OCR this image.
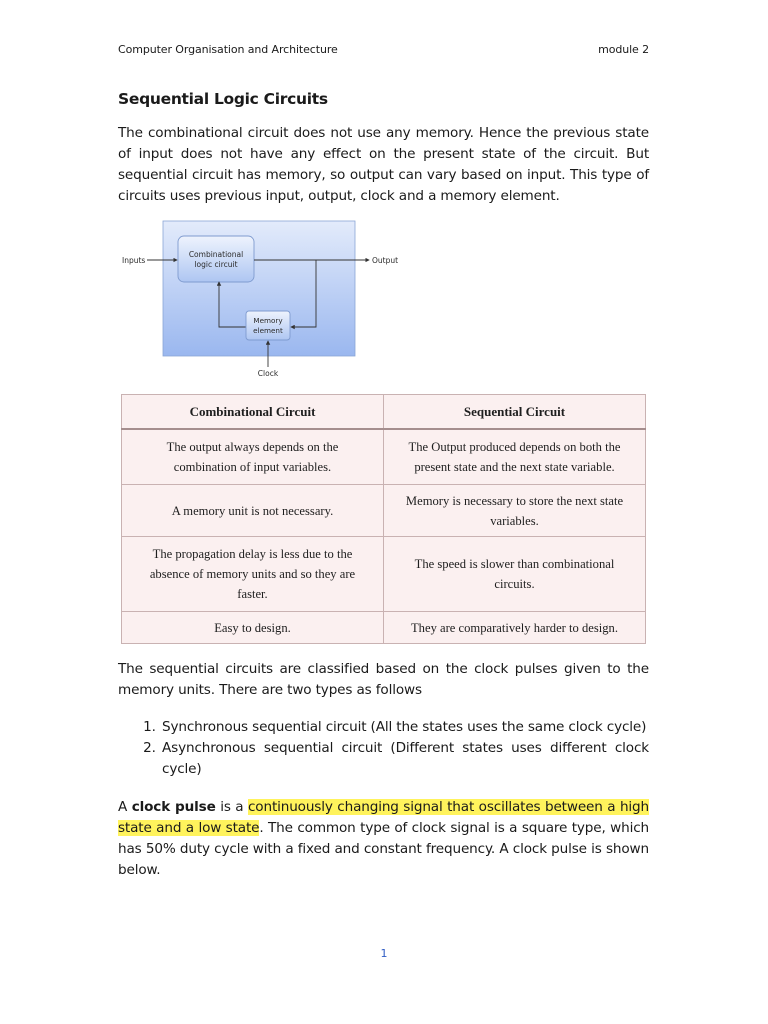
Computer Organisation and Architecture	module 2
Sequential Logic Circuits

The combinational circuit does not use any memory. Hence the previous state of input does not have any effect on the present state of the circuit. But sequential circuit has memory, so output can vary based on input. This type of circuits uses previous input, output, clock and a memory element.

Inputs
Combinational
logic circuit	Output
Memory
element
Clock
Combinational Circuit	Sequential Circuit
The output always depends on the combination of input variables.	The Output produced depends on both the present state and the next state variable.
A memory unit is not necessary.	Memory is necessary to store the next state variables.
The propagation delay is less due to the absence of memory units and so they are faster.	The speed is slower than combinational circuits.
Easy to design.	They are comparatively harder to design.

The sequential circuits are classified based on the clock pulses given to the memory units. There are two types as follows

1. Synchronous sequential circuit (All the states uses the same clock cycle)
2. Asynchronous sequential circuit (Different states uses different clock cycle)

A clock pulse is a continuously changing signal that oscillates between a high state and a low state. The common type of clock signal is a square type, which has 50% duty cycle with a fixed and constant frequency. A clock pulse is shown below.

1
